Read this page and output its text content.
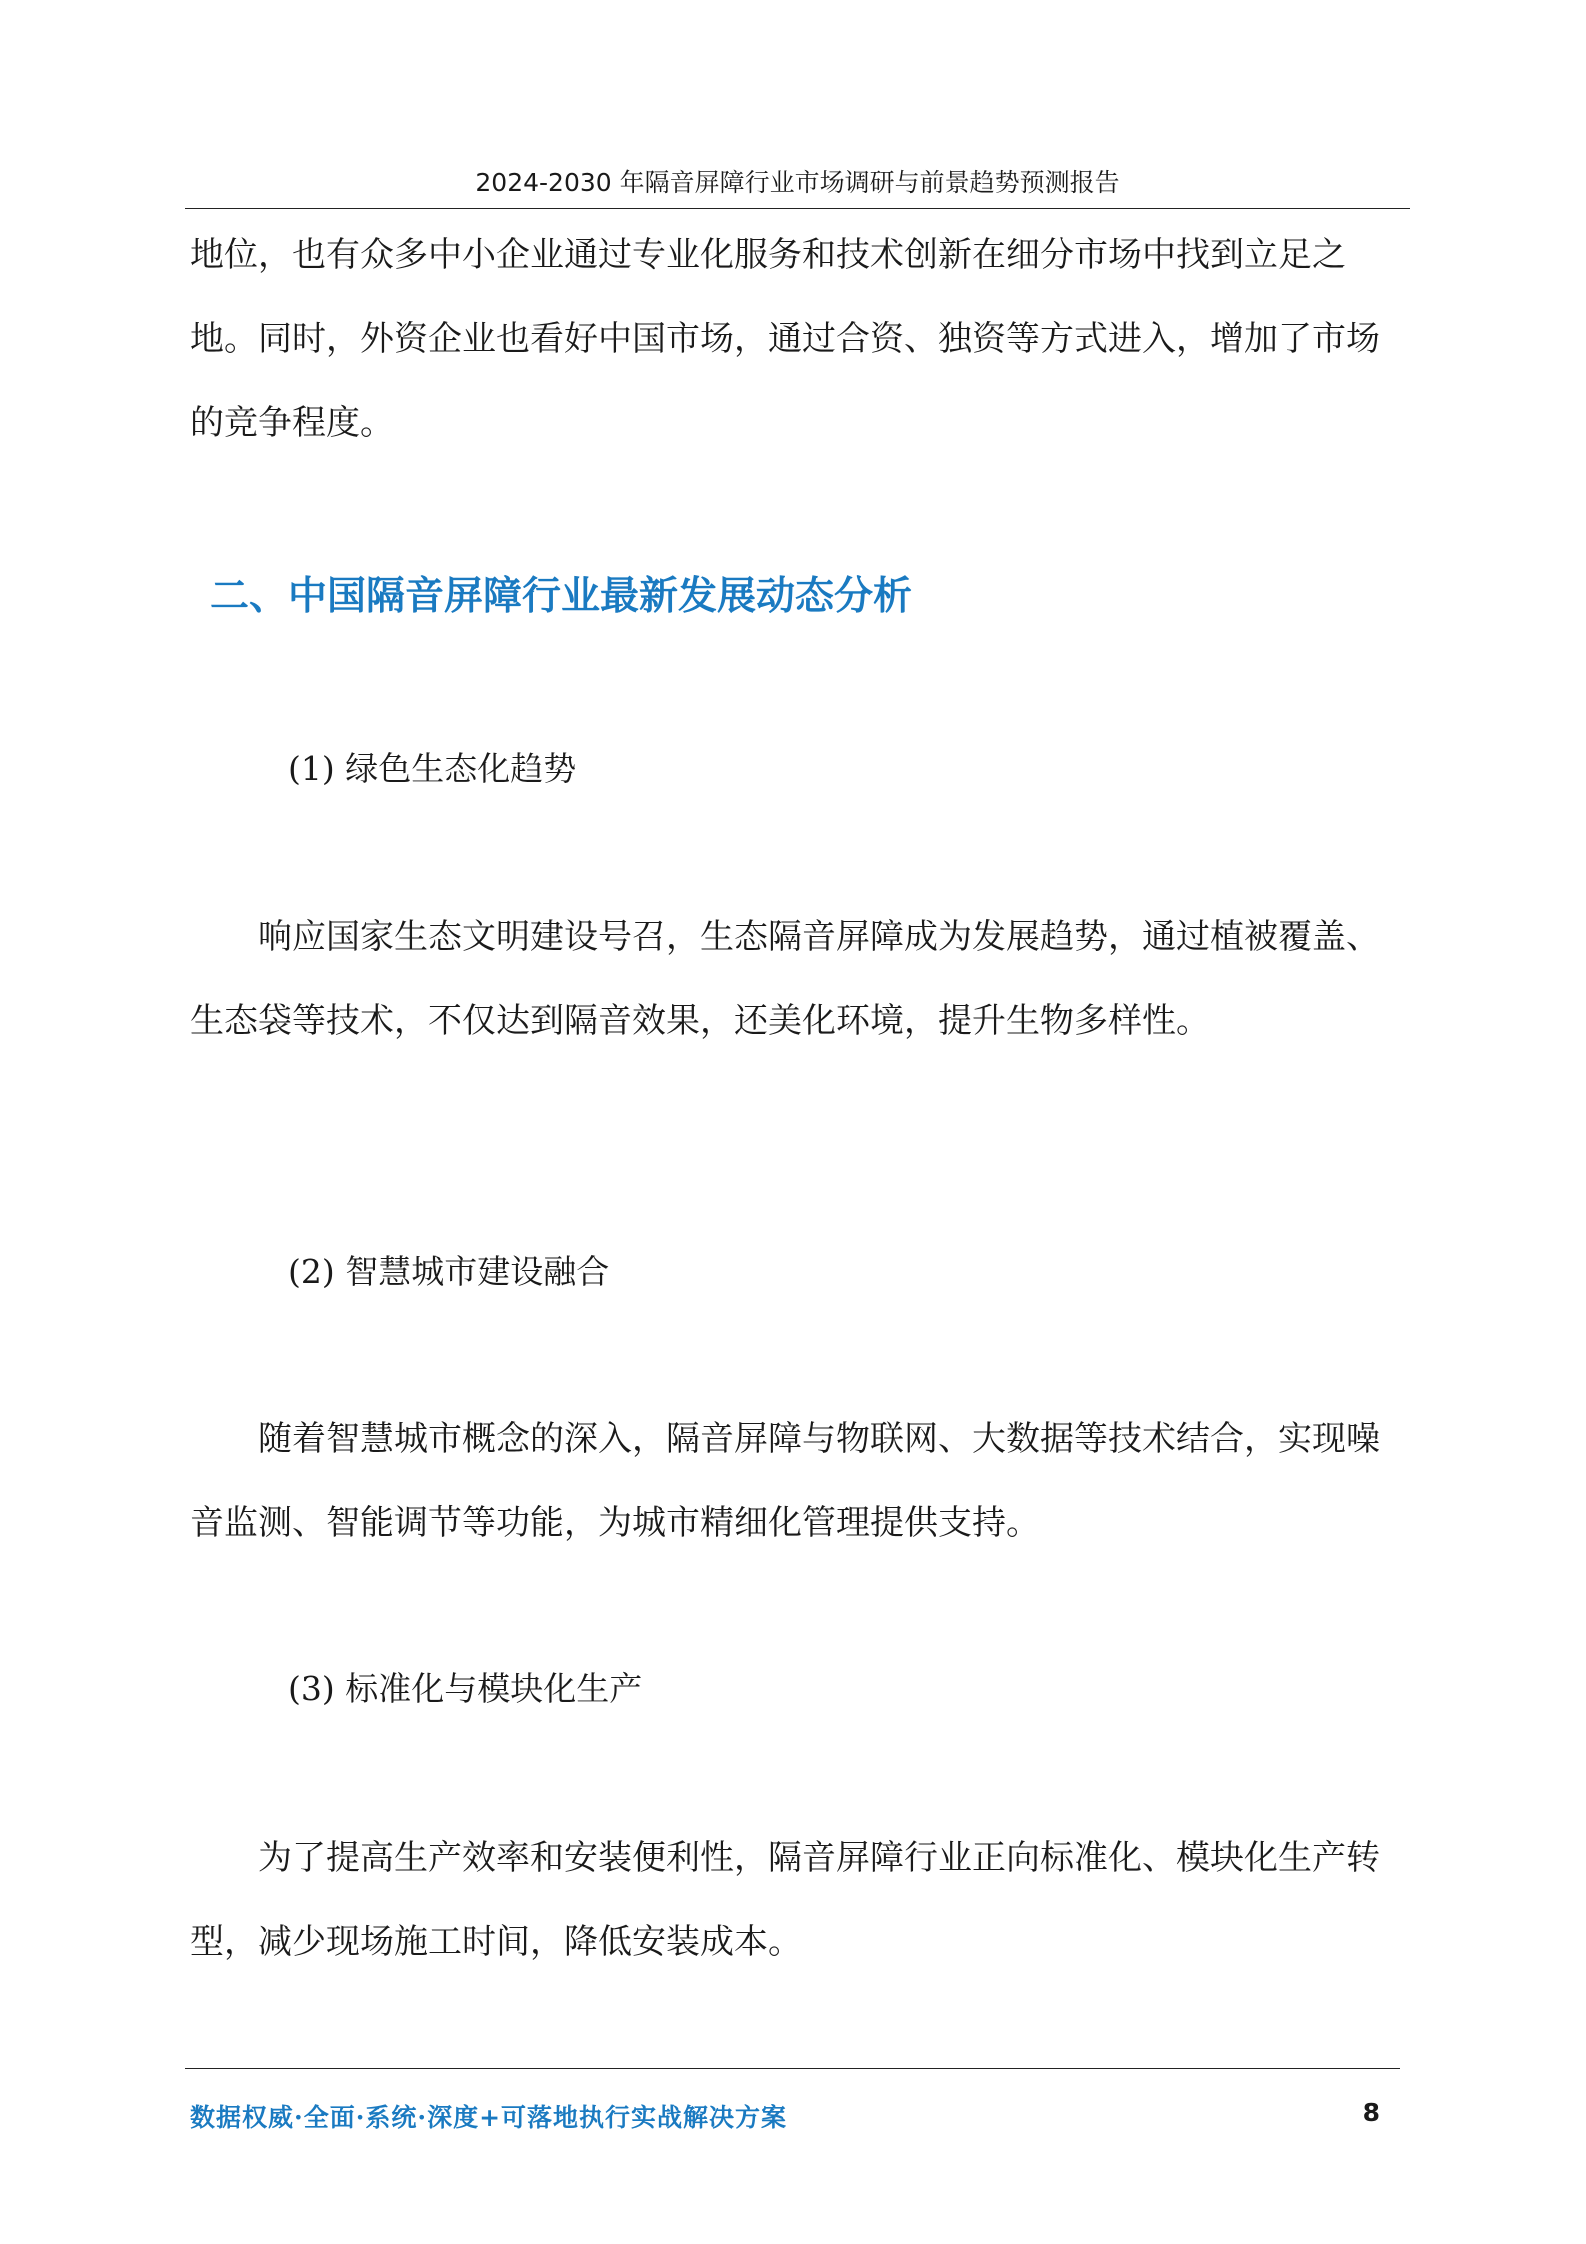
2024-2030 年隔音屏障行业市场调研与前景趋势预测报告

地位，也有众多中小企业通过专业化服务和技术创新在细分市场中找到立足之地。同时，外资企业也看好中国市场，通过合资、独资等方式进入，增加了市场的竞争程度。

二、中国隔音屏障行业最新发展动态分析
(1) 绿色生态化趋势

响应国家生态文明建设号召，生态隔音屏障成为发展趋势，通过植被覆盖、生态袋等技术，不仅达到隔音效果，还美化环境，提升生物多样性。

(2) 智慧城市建设融合

随着智慧城市概念的深入，隔音屏障与物联网、大数据等技术结合，实现噪音监测、智能调节等功能，为城市精细化管理提供支持。

(3) 标准化与模块化生产

为了提高生产效率和安装便利性，隔音屏障行业正向标准化、模块化生产转型，减少现场施工时间，降低安装成本。

数据权威·全面·系统·深度+可落地执行实战解决方案	8
